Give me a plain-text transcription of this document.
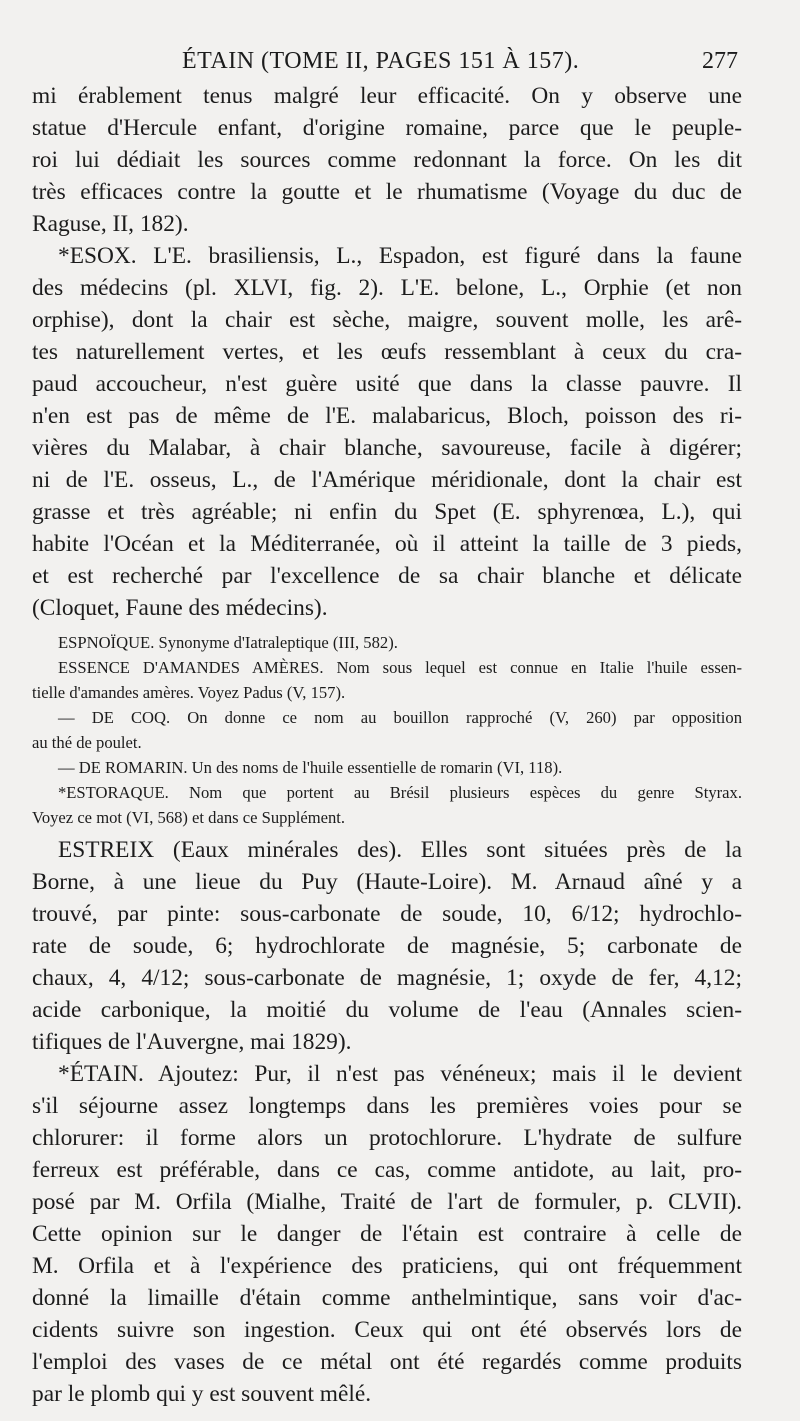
ÉTAIN (TOME II, PAGES 151 À 157).	277
mi érablement tenus malgré leur efficacité. On y observe une
statue d'Hercule enfant, d'origine romaine, parce que le peuple-
roi lui dédiait les sources comme redonnant la force. On les dit
très efficaces contre la goutte et le rhumatisme (Voyage du duc de
Raguse, II, 182).
*ESOX. L'E. brasiliensis, L., Espadon, est figuré dans la faune
des médecins (pl. XLVI, fig. 2). L'E. belone, L., Orphie (et non
orphise), dont la chair est sèche, maigre, souvent molle, les arê-
tes naturellement vertes, et les œufs ressemblant à ceux du cra-
paud accoucheur, n'est guère usité que dans la classe pauvre. Il
n'en est pas de même de l'E. malabaricus, Bloch, poisson des ri-
vières du Malabar, à chair blanche, savoureuse, facile à digérer;
ni de l'E. osseus, L., de l'Amérique méridionale, dont la chair est
grasse et très agréable; ni enfin du Spet (E. sphyrenœa, L.), qui
habite l'Océan et la Méditerranée, où il atteint la taille de 3 pieds,
et est recherché par l'excellence de sa chair blanche et délicate
(Cloquet, Faune des médecins).
ESPNOÏQUE. Synonyme d'Iatraleptique (III, 582).
ESSENCE D'AMANDES AMÈRES. Nom sous lequel est connue en Italie l'huile essen-
tielle d'amandes amères. Voyez Padus (V, 157).
— DE COQ. On donne ce nom au bouillon rapproché (V, 260) par opposition
au thé de poulet.
— DE ROMARIN. Un des noms de l'huile essentielle de romarin (VI, 118).
*ESTORAQUE. Nom que portent au Brésil plusieurs espèces du genre Styrax.
Voyez ce mot (VI, 568) et dans ce Supplément.
ESTREIX (Eaux minérales des). Elles sont situées près de la
Borne, à une lieue du Puy (Haute-Loire). M. Arnaud aîné y a
trouvé, par pinte: sous-carbonate de soude, 10, 6/12; hydrochlo-
rate de soude, 6; hydrochlorate de magnésie, 5; carbonate de
chaux, 4, 4/12; sous-carbonate de magnésie, 1; oxyde de fer, 4,12;
acide carbonique, la moitié du volume de l'eau (Annales scien-
tifiques de l'Auvergne, mai 1829).
*ÉTAIN. Ajoutez: Pur, il n'est pas vénéneux; mais il le devient
s'il séjourne assez longtemps dans les premières voies pour se
chlorurer: il forme alors un protochlorure. L'hydrate de sulfure
ferreux est préférable, dans ce cas, comme antidote, au lait, pro-
posé par M. Orfila (Mialhe, Traité de l'art de formuler, p. CLVII).
Cette opinion sur le danger de l'étain est contraire à celle de
M. Orfila et à l'expérience des praticiens, qui ont fréquemment
donné la limaille d'étain comme anthelmintique, sans voir d'ac-
cidents suivre son ingestion. Ceux qui ont été observés lors de
l'emploi des vases de ce métal ont été regardés comme produits
par le plomb qui y est souvent mêlé.
